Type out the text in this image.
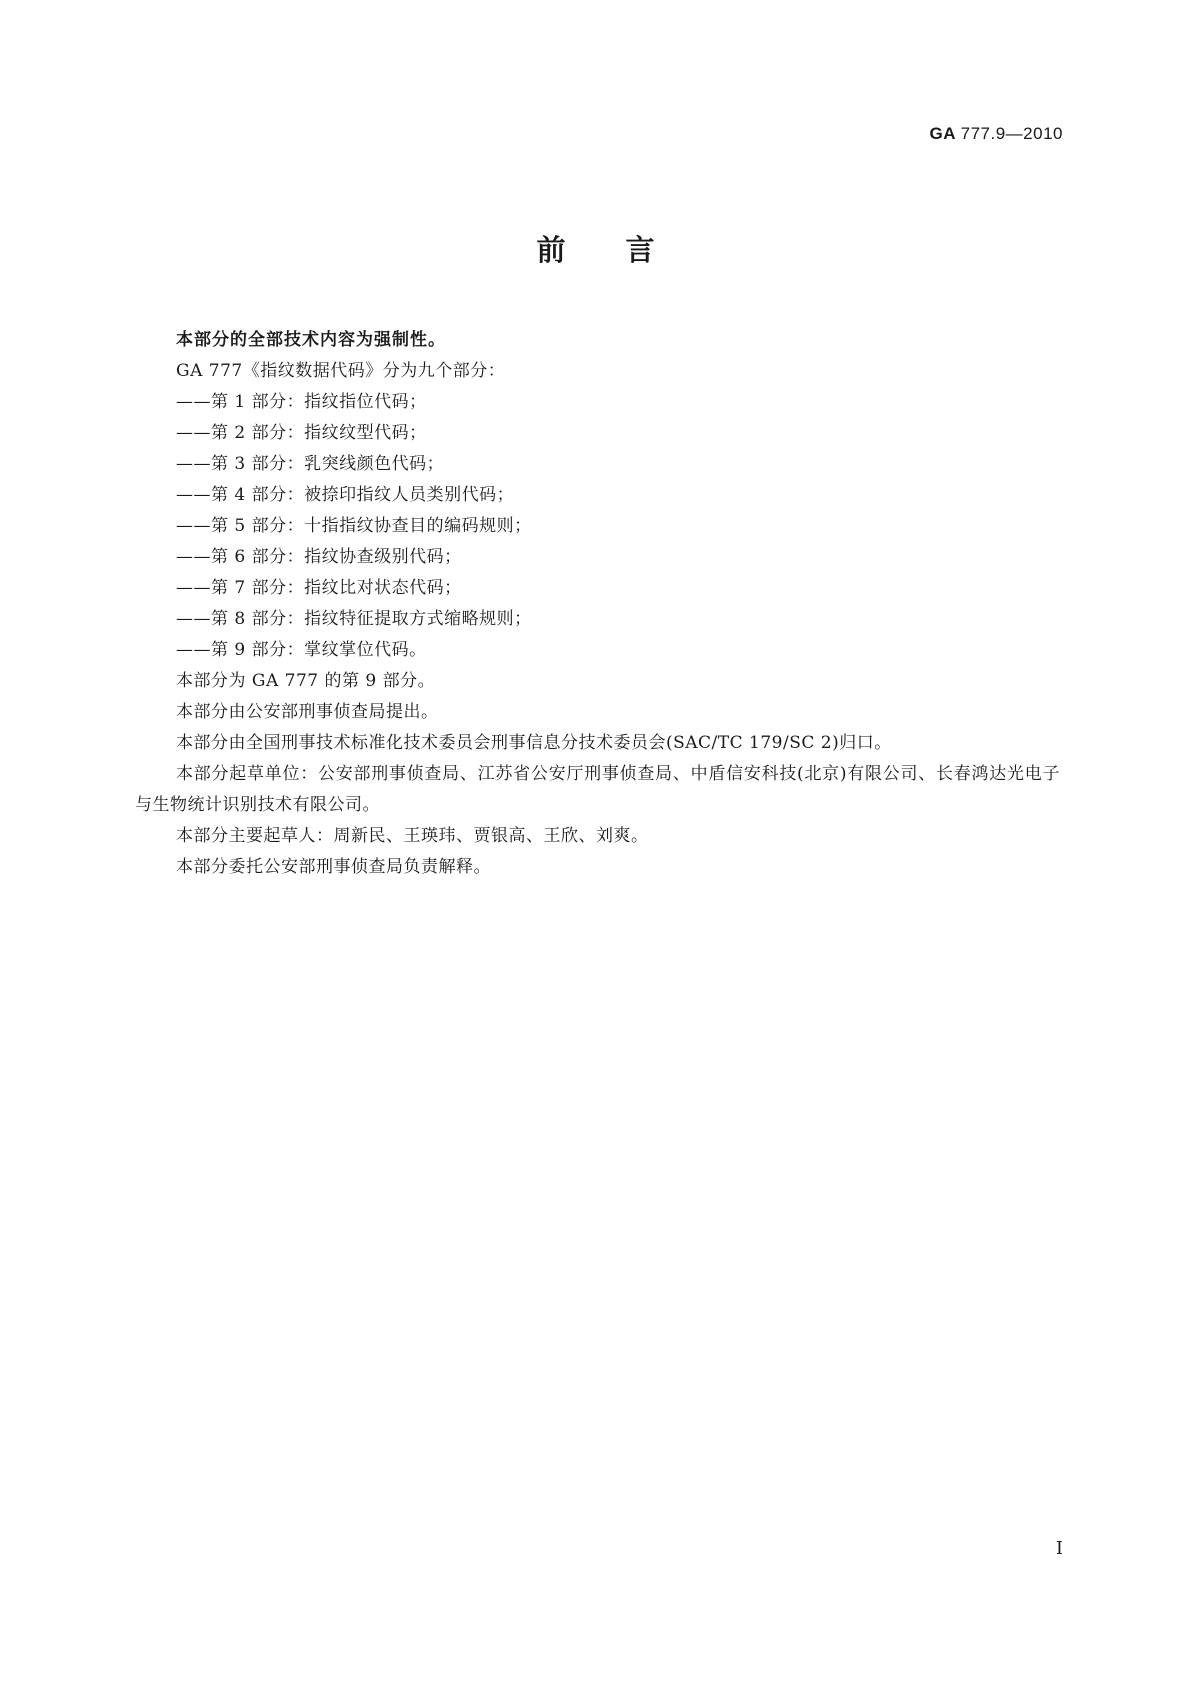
GA 777.9—2010
前言

本部分的全部技术内容为强制性。

GA 777《指纹数据代码》分为九个部分：

——第 1 部分：指纹指位代码；

——第 2 部分：指纹纹型代码；

——第 3 部分：乳突线颜色代码；

——第 4 部分：被捺印指纹人员类别代码；

——第 5 部分：十指指纹协查目的编码规则；

——第 6 部分：指纹协查级别代码；

——第 7 部分：指纹比对状态代码；

——第 8 部分：指纹特征提取方式缩略规则；

——第 9 部分：掌纹掌位代码。

本部分为 GA 777 的第 9 部分。

本部分由公安部刑事侦查局提出。

本部分由全国刑事技术标准化技术委员会刑事信息分技术委员会(SAC/TC 179/SC 2)归口。

本部分起草单位：公安部刑事侦查局、江苏省公安厅刑事侦查局、中盾信安科技(北京)有限公司、长春鸿达光电子与生物统计识别技术有限公司。

本部分主要起草人：周新民、王瑛玮、贾银高、王欣、刘爽。

本部分委托公安部刑事侦查局负责解释。

I
